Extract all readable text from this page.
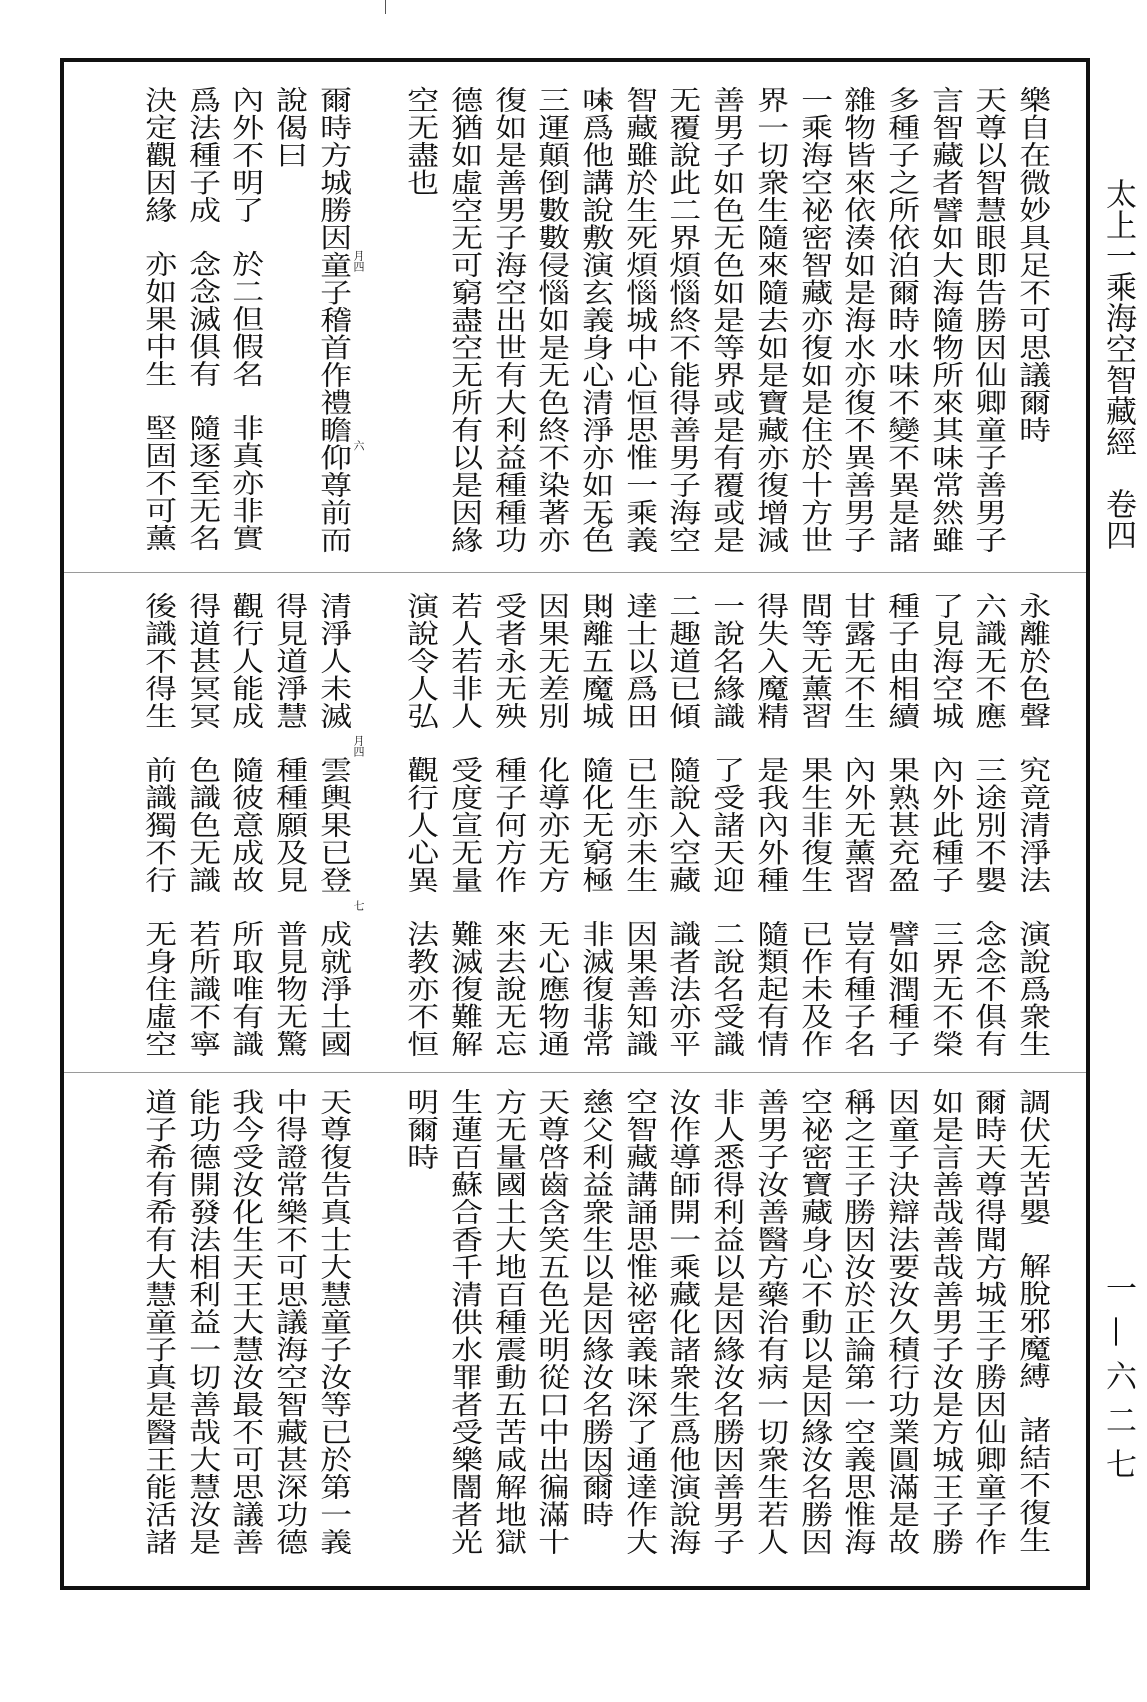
樂自在微妙具足不可思議爾時
天尊以智慧眼即告勝因仙卿童子善男子
言智藏者譬如大海隨物所來其味常然雖
多種子之所依泊爾時水味不變不異是諸
雜物皆來依湊如是海水亦復不異善男子
一乘海空祕密智藏亦復如是住於十方世
界一切衆生隨來隨去如是寶藏亦復增減
善男子如色无色如是等界或是有覆或是
无覆說此二界煩惱終不能得善男子海空
智藏雖於生死煩惱城中心恒思惟一乘義
味爲他講說敷演玄義身心清淨亦如无色
三運顛倒數數侵惱如是无色終不染著亦
復如是善男子海空出世有大利益種種功
德猶如虛空无可窮盡空无所有以是因緣
空无盡也
爾時方城勝因童子稽首作禮瞻仰尊前而
說偈曰
內外不明了
於二但假名
非真亦非實
爲法種子成
念念滅俱有
隨逐至无名
決定觀因緣
亦如果中生
堅固不可薰
月四
六
永離於色聲
究竟清淨法
演說爲衆生
六識无不應
三途別不嬰
念念不俱有
了見海空城
內外此種子
三界无不榮
種子由相續
果熟甚充盈
譬如潤種子
甘露无不生
內外无薰習
豈有種子名
間等无薰習
果生非復生
已作未及作
得失入魔精
是我內外種
隨類起有情
一說名緣識
了受諸天迎
二說名受識
二趣道已傾
隨說入空藏
識者法亦平
達士以爲田
已生亦未生
因果善知識
則離五魔城
隨化无窮極
非滅復非常
因果无差別
化導亦无方
无心應物通
受者永无殃
種子何方作
來去說无忘
若人若非人
受度宣无量
難滅復難解
演說令人弘
觀行人心異
法教亦不恒
清淨人未滅
雲輿果已登
成就淨土國
得見道淨慧
種種願及見
普見物无驚
觀行人能成
隨彼意成故
所取唯有識
得道甚冥冥
色識色无識
若所識不寧
後識不得生
前識獨不行
无身住虛空
月四
七
調伏无苦嬰
解脫邪魔縛
諸結不復生
爾時天尊得聞方城王子勝因仙卿童子作
如是言善哉善哉善男子汝是方城王子勝
因童子決辯法要汝久積行功業圓滿是故
稱之王子勝因汝於正論第一空義思惟海
空祕密寶藏身心不動以是因緣汝名勝因
善男子汝善醫方藥治有病一切衆生若人
非人悉得利益以是因緣汝名勝因善男子
汝作導師開一乘藏化諸衆生爲他演說海
空智藏講誦思惟祕密義味深了通達作大
慈父利益衆生以是因緣汝名勝因爾時
天尊啓齒含笑五色光明從口中出徧滿十
方无量國土大地百種震動五苦咸解地獄
生蓮百蘇合香千清供水罪者受樂闇者光
明爾時
天尊復告真士大慧童子汝等已於第一義
中得證常樂不可思議海空智藏甚深功德
我今受汝化生天王大慧汝最不可思議善
能功德開發法相利益一切善哉大慧汝是
道子希有希有大慧童子真是醫王能活諸
太上一乘海空智藏經　卷四
一—六二七
